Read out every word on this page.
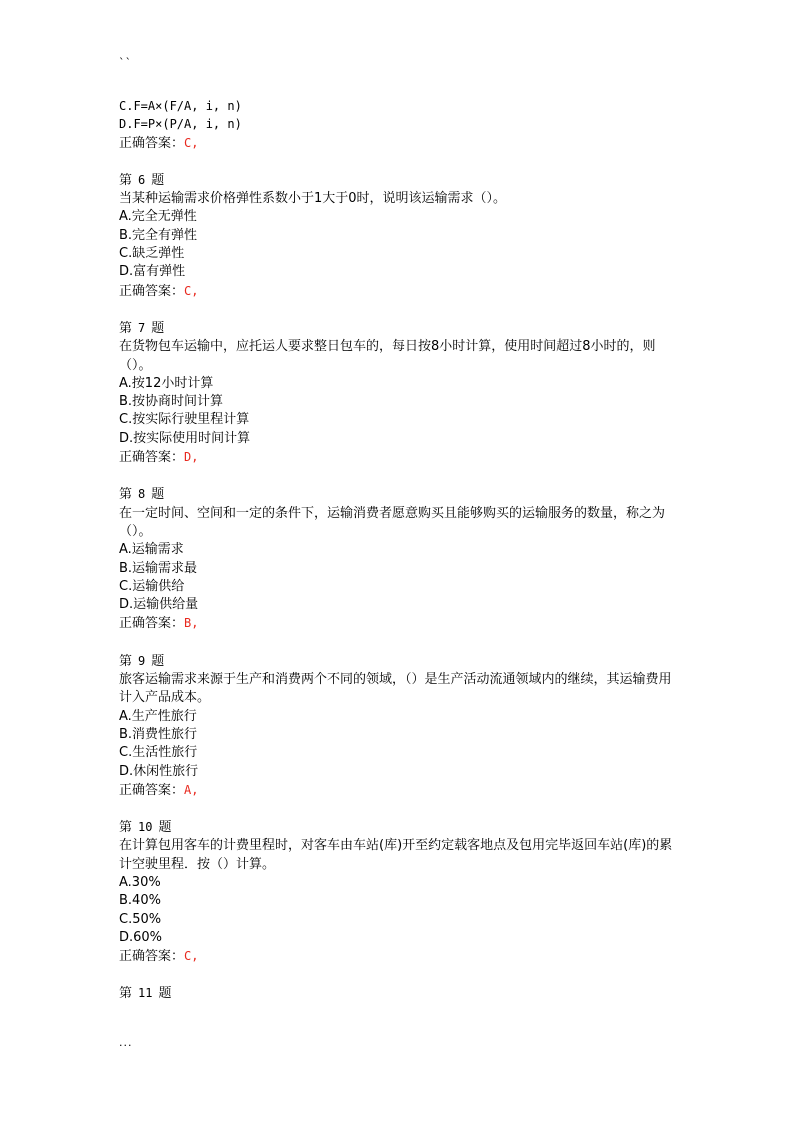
``
C.F=A×(F/A, i, n)
D.F=P×(P/A, i, n)
正确答案：C,
第 6 题
当某种运输需求价格弹性系数小于1大于0时，说明该运输需求（）。
A.完全无弹性
B.完全有弹性
C.缺乏弹性
D.富有弹性
正确答案：C,
第 7 题
在货物包车运输中，应托运人要求整日包车的，每日按8小时计算，使用时间超过8小时的，则（）。
A.按12小时计算
B.按协商时间计算
C.按实际行驶里程计算
D.按实际使用时间计算
正确答案：D,
第 8 题
在一定时间、空间和一定的条件下，运输消费者愿意购买且能够购买的运输服务的数量，称之为（）。
A.运输需求
B.运输需求最
C.运输供给
D.运输供给量
正确答案：B,
第 9 题
旅客运输需求来源于生产和消费两个不同的领域，（）是生产活动流通领域内的继续，其运输费用计入产品成本。
A.生产性旅行
B.消费性旅行
C.生活性旅行
D.休闲性旅行
正确答案：A,
第 10 题
在计算包用客车的计费里程时，对客车由车站(库)开至约定载客地点及包用完毕返回车站(库)的累计空驶里程．按（）计算。
A.30%
B.40%
C.50%
D.60%
正确答案：C,
第 11 题
...
